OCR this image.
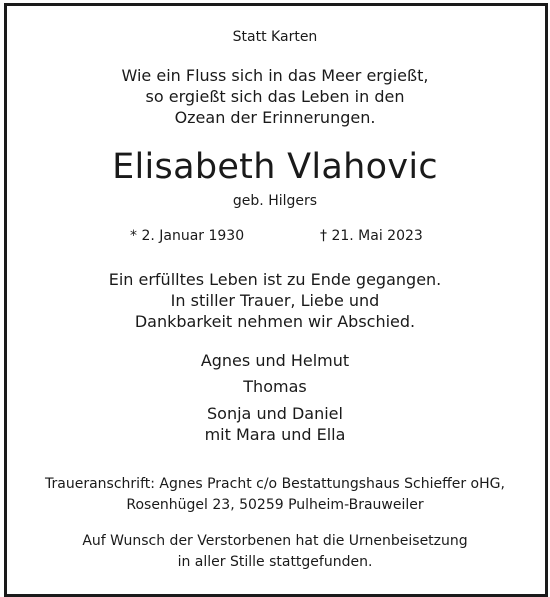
Statt Karten
Wie ein Fluss sich in das Meer ergießt,
so ergießt sich das Leben in den
Ozean der Erinnerungen.
Elisabeth Vlahovic
geb. Hilgers
* 2. Januar 1930	† 21. Mai 2023
Ein erfülltes Leben ist zu Ende gegangen.
In stiller Trauer, Liebe und
Dankbarkeit nehmen wir Abschied.
Agnes und Helmut
Thomas
Sonja und Daniel
mit Mara und Ella
Traueranschrift: Agnes Pracht c/o Bestattungshaus Schieffer oHG,
Rosenhügel 23, 50259 Pulheim-Brauweiler
Auf Wunsch der Verstorbenen hat die Urnenbeisetzung
in aller Stille stattgefunden.
